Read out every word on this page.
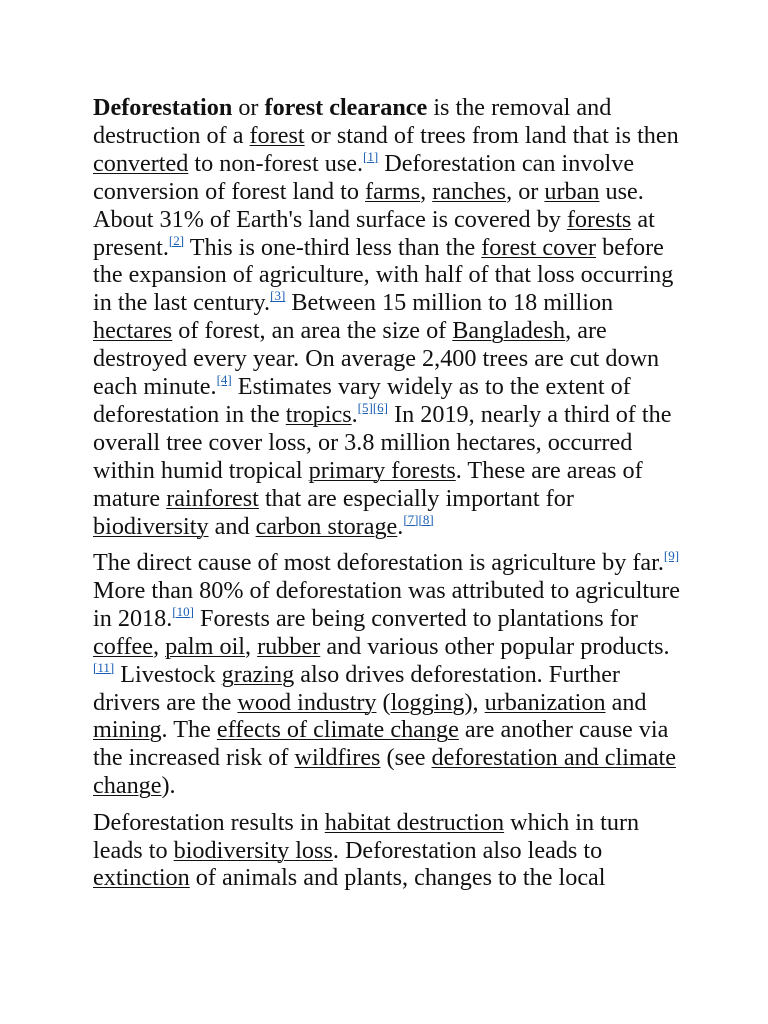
Deforestation or forest clearance is the removal and destruction of a forest or stand of trees from land that is then converted to non-forest use.[1] Deforestation can involve conversion of forest land to farms, ranches, or urban use. About 31% of Earth's land surface is covered by forests at present.[2] This is one-third less than the forest cover before the expansion of agriculture, with half of that loss occurring in the last century.[3] Between 15 million to 18 million hectares of forest, an area the size of Bangladesh, are destroyed every year. On average 2,400 trees are cut down each minute.[4] Estimates vary widely as to the extent of deforestation in the tropics.[5][6] In 2019, nearly a third of the overall tree cover loss, or 3.8 million hectares, occurred within humid tropical primary forests. These are areas of mature rainforest that are especially important for biodiversity and carbon storage.[7][8]

The direct cause of most deforestation is agriculture by far.[9] More than 80% of deforestation was attributed to agriculture in 2018.[10] Forests are being converted to plantations for coffee, palm oil, rubber and various other popular products.[11] Livestock grazing also drives deforestation. Further drivers are the wood industry (logging), urbanization and mining. The effects of climate change are another cause via the increased risk of wildfires (see deforestation and climate change).

Deforestation results in habitat destruction which in turn leads to biodiversity loss. Deforestation also leads to extinction of animals and plants, changes to the local
